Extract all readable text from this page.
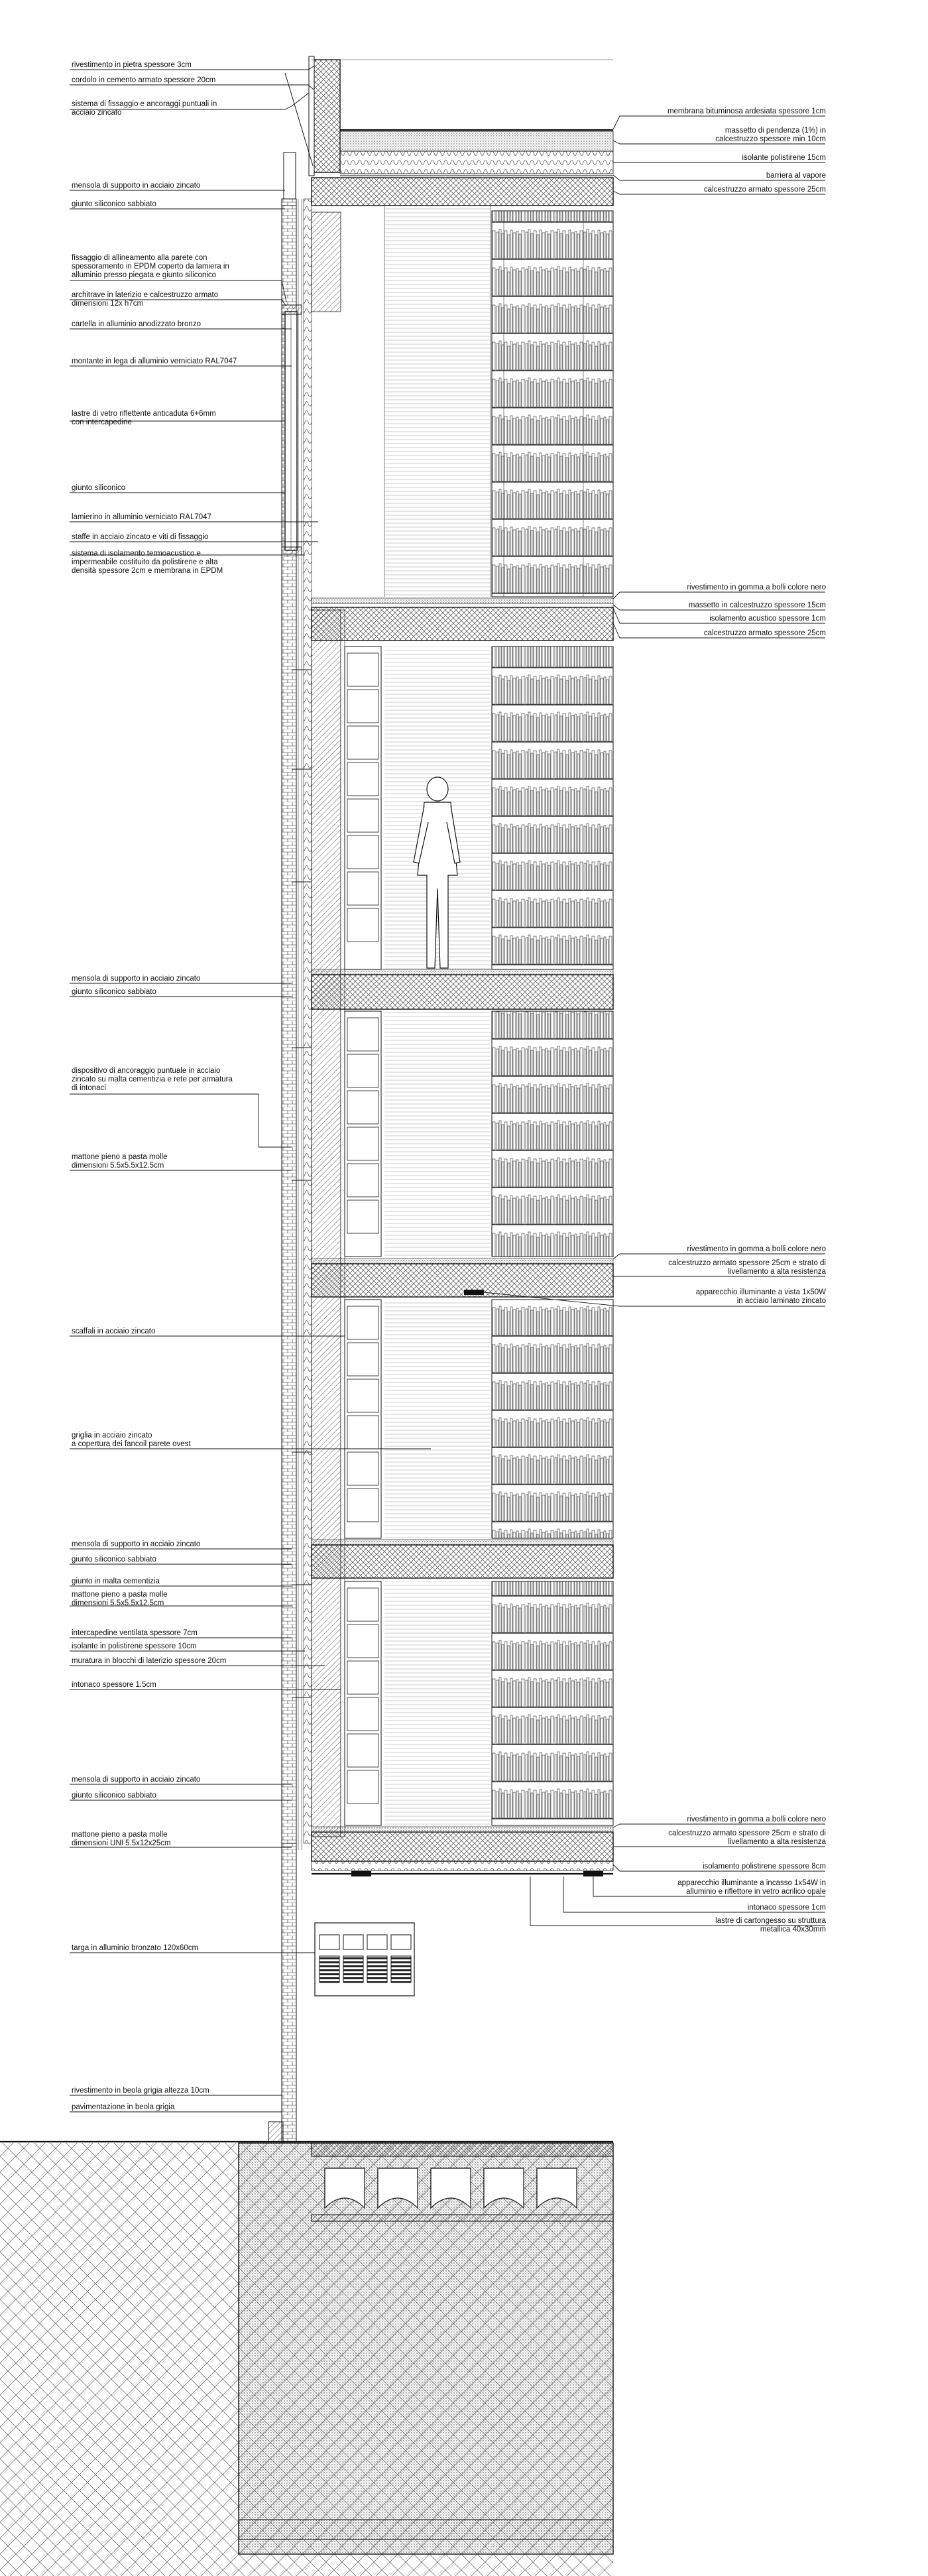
rivestimento in pietra spessore 3cm
cordolo in cemento armato spessore 20cm
sistema di fissaggio e ancoraggi puntuali in acciaio zincato
mensola di supporto in acciaio zincato
giunto siliconico sabbiato
fissaggio di allineamento alla parete con spessoramento in EPDM coperto da lamiera in alluminio presso piegata e giunto siliconico
architrave in laterizio e calcestruzzo armato dimensioni 12x h7cm
cartella in alluminio anodizzato bronzo
montante in lega di alluminio verniciato RAL7047
lastre di vetro riflettente anticaduta 6+6mm con intercapedine
giunto siliconico
lamierino in alluminio verniciato RAL7047
staffe in acciaio zincato e viti di fissaggio
sistema di isolamento termoacustico e impermeabile costituito da polistirene e alta densità spessore 2cm e membrana in EPDM
mensola di supporto in acciaio zincato
giunto siliconico sabbiato
dispositivo di ancoraggio puntuale in acciaio zincato su malta cementizia e rete per armatura di intonaci
mattone pieno a pasta molle dimensioni 5.5x5.5x12.5cm
scaffali in acciaio zincato
griglia in acciaio zincato a copertura dei fancoil parete ovest
mensola di supporto in acciaio zincato
giunto siliconico sabbiato
giunto in malta cementizia
mattone pieno a pasta molle dimensioni 5.5x5.5x12.5cm
intercapedine ventilata spessore 7cm
isolante in polistirene spessore 10cm
muratura in blocchi di laterizio spessore 20cm
intonaco spessore 1.5cm
mensola di supporto in acciaio zincato
giunto siliconico sabbiato
mattone pieno a pasta molle dimensioni UNI 5.5x12x25cm
targa in alluminio bronzato 120x60cm
rivestimento in beola grigia altezza 10cm
pavimentazione in beola grigia
membrana bituminosa ardesiata spessore 1cm
massetto di pendenza (1%) in calcestruzzo spessore min 10cm
isolante polistirene 15cm
barriera al vapore
calcestruzzo armato spessore 25cm
rivestimento in gomma a bolli colore nero
massetto in calcestruzzo spessore 15cm
isolamento acustico spessore 1cm
calcestruzzo armato spessore 25cm
rivestimento in gomma a bolli colore nero
calcestruzzo armato spessore 25cm e strato di livellamento a alta resistenza
apparecchio illuminante a vista 1x50W in acciaio laminato zincato
rivestimento in gomma a bolli colore nero
calcestruzzo armato spessore 25cm e strato di livellamento a alta resistenza
isolamento polistirene spessore 8cm
apparecchio illuminante a incasso 1x54W in alluminio e riflettore in vetro acrilico opale
intonaco spessore 1cm
lastre di cartongesso su struttura metallica 40x30mm
